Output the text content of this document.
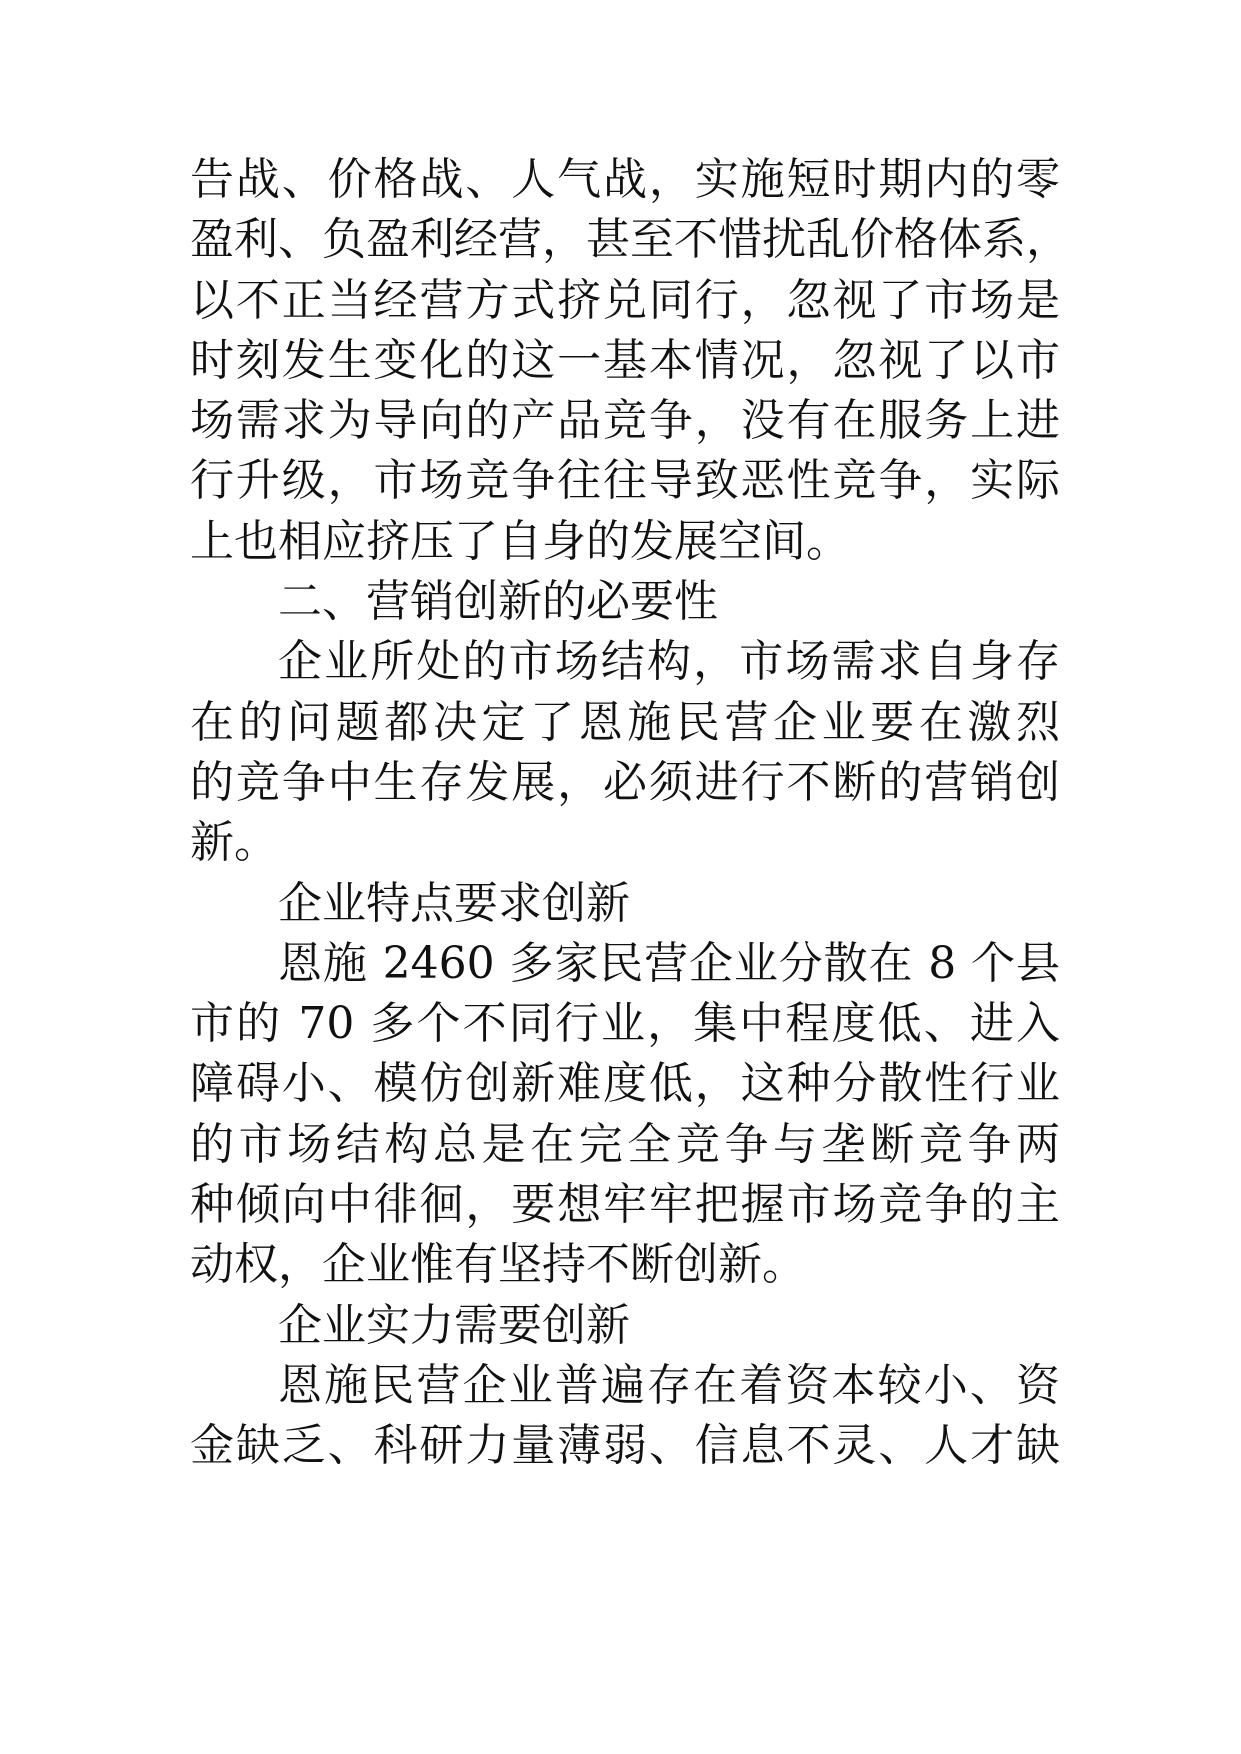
告战、价格战、人气战，实施短时期内的零
盈利、负盈利经营，甚至不惜扰乱价格体系，
以不正当经营方式挤兑同行，忽视了市场是
时刻发生变化的这一基本情况，忽视了以市
场需求为导向的产品竞争，没有在服务上进
行升级，市场竞争往往导致恶性竞争，实际
上也相应挤压了自身的发展空间。
二、营销创新的必要性
企业所处的市场结构，市场需求自身存
在的问题都决定了恩施民营企业要在激烈
的竞争中生存发展，必须进行不断的营销创
新。
企业特点要求创新
恩施 2460 多家民营企业分散在 8 个县
市的 70 多个不同行业，集中程度低、进入
障碍小、模仿创新难度低，这种分散性行业
的市场结构总是在完全竞争与垄断竞争两
种倾向中徘徊，要想牢牢把握市场竞争的主
动权，企业惟有坚持不断创新。
企业实力需要创新
恩施民营企业普遍存在着资本较小、资
金缺乏、科研力量薄弱、信息不灵、人才缺
